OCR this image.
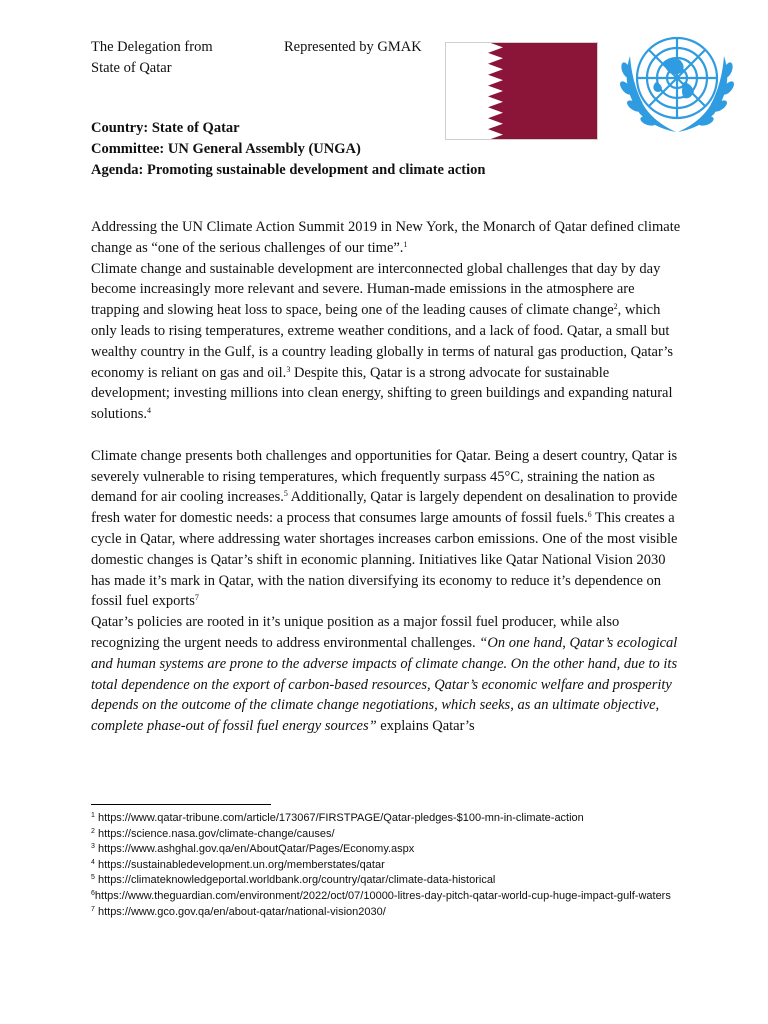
The Delegation from
State of Qatar
Represented by GMAK
Country: State of Qatar
Committee: UN General Assembly (UNGA)
Agenda: Promoting sustainable development and climate action

Addressing the UN Climate Action Summit 2019 in New York, the Monarch of Qatar defined climate change as “one of the serious challenges of our time”.$^1$

Climate change and sustainable development are interconnected global challenges that day by day become increasingly more relevant and severe. Human-made emissions in the atmosphere are trapping and slowing heat loss to space, being one of the leading causes of climate change$^2$, which only leads to rising temperatures, extreme weather conditions, and a lack of food. Qatar, a small but wealthy country in the Gulf, is a country leading globally in terms of natural gas production, Qatar’s economy is reliant on gas and oil.$^3$ Despite this, Qatar is a strong advocate for sustainable development; investing millions into clean energy, shifting to green buildings and expanding natural solutions.$^4$

Climate change presents both challenges and opportunities for Qatar. Being a desert country, Qatar is severely vulnerable to rising temperatures, which frequently surpass 45°C, straining the nation as demand for air cooling increases.$^5$ Additionally, Qatar is largely dependent on desalination to provide fresh water for domestic needs: a process that consumes large amounts of fossil fuels.$^6$ This creates a cycle in Qatar, where addressing water shortages increases carbon emissions. One of the most visible domestic changes is Qatar’s shift in economic planning. Initiatives like Qatar National Vision 2030 has made it’s mark in Qatar, with the nation diversifying its economy to reduce it’s dependence on fossil fuel exports$^7$

Qatar’s policies are rooted in it’s unique position as a major fossil fuel producer, while also recognizing the urgent needs to address environmental challenges. “On one hand, Qatar’s ecological and human systems are prone to the adverse impacts of climate change. On the other hand, due to its total dependence on the export of carbon-based resources, Qatar’s economic welfare and prosperity depends on the outcome of the climate change negotiations, which seeks, as an ultimate objective, complete phase-out of fossil fuel energy sources” explains Qatar’s

$^1$ https://www.qatar-tribune.com/article/173067/FIRSTPAGE/Qatar-pledges-$100-mn-in-climate-action
$^2$ https://science.nasa.gov/climate-change/causes/
$^3$ https://www.ashghal.gov.qa/en/AboutQatar/Pages/Economy.aspx
$^4$ https://sustainabledevelopment.un.org/memberstates/qatar
$^5$ https://climateknowledgeportal.worldbank.org/country/qatar/climate-data-historical
$^6$https://www.theguardian.com/environment/2022/oct/07/10000-litres-day-pitch-qatar-world-cup-huge-impact-gulf-waters
$^7$ https://www.gco.gov.qa/en/about-qatar/national-vision2030/
